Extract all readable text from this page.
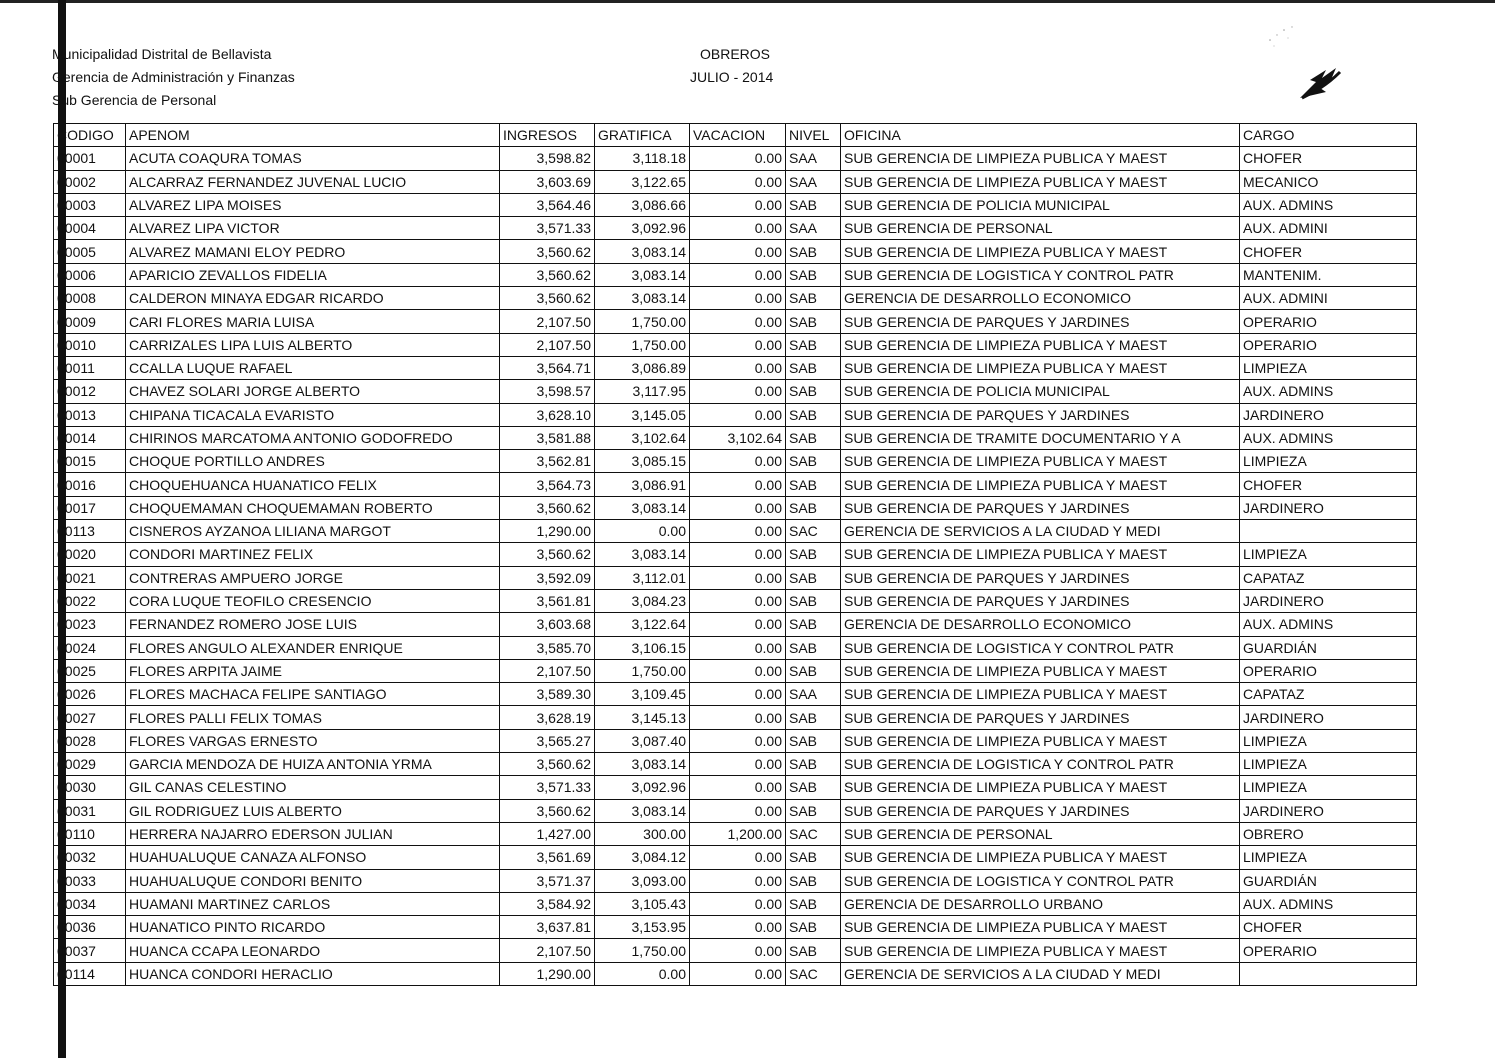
Municipalidad Distrital de Bellavista
Gerencia de Administración y Finanzas
Sub Gerencia de Personal
OBREROS
JULIO - 2014
CODIGO	APENOM	INGRESOS	GRATIFICA	VACACION	NIVEL	OFICINA	CARGO
00001	ACUTA COAQURA TOMAS	3,598.82	3,118.18	0.00	SAA	SUB GERENCIA DE LIMPIEZA PUBLICA Y MAEST	CHOFER
00002	ALCARRAZ FERNANDEZ JUVENAL LUCIO	3,603.69	3,122.65	0.00	SAA	SUB GERENCIA DE LIMPIEZA PUBLICA Y MAEST	MECANICO
00003	ALVAREZ LIPA MOISES	3,564.46	3,086.66	0.00	SAB	SUB GERENCIA DE POLICIA MUNICIPAL	AUX. ADMINS
00004	ALVAREZ LIPA VICTOR	3,571.33	3,092.96	0.00	SAA	SUB GERENCIA DE PERSONAL	AUX. ADMINI
00005	ALVAREZ MAMANI ELOY PEDRO	3,560.62	3,083.14	0.00	SAB	SUB GERENCIA DE LIMPIEZA PUBLICA Y MAEST	CHOFER
00006	APARICIO ZEVALLOS FIDELIA	3,560.62	3,083.14	0.00	SAB	SUB GERENCIA DE LOGISTICA Y CONTROL PATR	MANTENIM.
00008	CALDERON MINAYA EDGAR RICARDO	3,560.62	3,083.14	0.00	SAB	GERENCIA DE DESARROLLO ECONOMICO	AUX. ADMINI
00009	CARI FLORES MARIA LUISA	2,107.50	1,750.00	0.00	SAB	SUB GERENCIA DE PARQUES Y JARDINES	OPERARIO
00010	CARRIZALES LIPA LUIS ALBERTO	2,107.50	1,750.00	0.00	SAB	SUB GERENCIA DE LIMPIEZA PUBLICA Y MAEST	OPERARIO
00011	CCALLA LUQUE RAFAEL	3,564.71	3,086.89	0.00	SAB	SUB GERENCIA DE LIMPIEZA PUBLICA Y MAEST	LIMPIEZA
00012	CHAVEZ SOLARI JORGE ALBERTO	3,598.57	3,117.95	0.00	SAB	SUB GERENCIA DE POLICIA MUNICIPAL	AUX. ADMINS
00013	CHIPANA TICACALA EVARISTO	3,628.10	3,145.05	0.00	SAB	SUB GERENCIA DE PARQUES Y JARDINES	JARDINERO
00014	CHIRINOS MARCATOMA ANTONIO GODOFREDO	3,581.88	3,102.64	3,102.64	SAB	SUB GERENCIA DE TRAMITE DOCUMENTARIO Y A	AUX. ADMINS
00015	CHOQUE PORTILLO ANDRES	3,562.81	3,085.15	0.00	SAB	SUB GERENCIA DE LIMPIEZA PUBLICA Y MAEST	LIMPIEZA
00016	CHOQUEHUANCA HUANATICO FELIX	3,564.73	3,086.91	0.00	SAB	SUB GERENCIA DE LIMPIEZA PUBLICA Y MAEST	CHOFER
00017	CHOQUEMAMAN CHOQUEMAMAN ROBERTO	3,560.62	3,083.14	0.00	SAB	SUB GERENCIA DE PARQUES Y JARDINES	JARDINERO
00113	CISNEROS AYZANOA LILIANA MARGOT	1,290.00	0.00	0.00	SAC	GERENCIA DE SERVICIOS A LA CIUDAD Y MEDI	
00020	CONDORI MARTINEZ FELIX	3,560.62	3,083.14	0.00	SAB	SUB GERENCIA DE LIMPIEZA PUBLICA Y MAEST	LIMPIEZA
00021	CONTRERAS AMPUERO JORGE	3,592.09	3,112.01	0.00	SAB	SUB GERENCIA DE PARQUES Y JARDINES	CAPATAZ
00022	CORA LUQUE TEOFILO CRESENCIO	3,561.81	3,084.23	0.00	SAB	SUB GERENCIA DE PARQUES Y JARDINES	JARDINERO
00023	FERNANDEZ ROMERO JOSE LUIS	3,603.68	3,122.64	0.00	SAB	GERENCIA DE DESARROLLO ECONOMICO	AUX. ADMINS
00024	FLORES ANGULO ALEXANDER ENRIQUE	3,585.70	3,106.15	0.00	SAB	SUB GERENCIA DE LOGISTICA Y CONTROL PATR	GUARDIÁN
00025	FLORES ARPITA JAIME	2,107.50	1,750.00	0.00	SAB	SUB GERENCIA DE LIMPIEZA PUBLICA Y MAEST	OPERARIO
00026	FLORES MACHACA FELIPE SANTIAGO	3,589.30	3,109.45	0.00	SAA	SUB GERENCIA DE LIMPIEZA PUBLICA Y MAEST	CAPATAZ
00027	FLORES PALLI FELIX TOMAS	3,628.19	3,145.13	0.00	SAB	SUB GERENCIA DE PARQUES Y JARDINES	JARDINERO
00028	FLORES VARGAS ERNESTO	3,565.27	3,087.40	0.00	SAB	SUB GERENCIA DE LIMPIEZA PUBLICA Y MAEST	LIMPIEZA
00029	GARCIA MENDOZA DE HUIZA ANTONIA YRMA	3,560.62	3,083.14	0.00	SAB	SUB GERENCIA DE LOGISTICA Y CONTROL PATR	LIMPIEZA
00030	GIL CANAS CELESTINO	3,571.33	3,092.96	0.00	SAB	SUB GERENCIA DE LIMPIEZA PUBLICA Y MAEST	LIMPIEZA
00031	GIL RODRIGUEZ LUIS ALBERTO	3,560.62	3,083.14	0.00	SAB	SUB GERENCIA DE PARQUES Y JARDINES	JARDINERO
00110	HERRERA NAJARRO EDERSON JULIAN	1,427.00	300.00	1,200.00	SAC	SUB GERENCIA DE PERSONAL	OBRERO
00032	HUAHUALUQUE CANAZA ALFONSO	3,561.69	3,084.12	0.00	SAB	SUB GERENCIA DE LIMPIEZA PUBLICA Y MAEST	LIMPIEZA
00033	HUAHUALUQUE CONDORI BENITO	3,571.37	3,093.00	0.00	SAB	SUB GERENCIA DE LOGISTICA Y CONTROL PATR	GUARDIÁN
00034	HUAMANI MARTINEZ CARLOS	3,584.92	3,105.43	0.00	SAB	GERENCIA DE DESARROLLO URBANO	AUX. ADMINS
00036	HUANATICO PINTO RICARDO	3,637.81	3,153.95	0.00	SAB	SUB GERENCIA DE LIMPIEZA PUBLICA Y MAEST	CHOFER
00037	HUANCA CCAPA LEONARDO	2,107.50	1,750.00	0.00	SAB	SUB GERENCIA DE LIMPIEZA PUBLICA Y MAEST	OPERARIO
00114	HUANCA CONDORI HERACLIO	1,290.00	0.00	0.00	SAC	GERENCIA DE SERVICIOS A LA CIUDAD Y MEDI	
